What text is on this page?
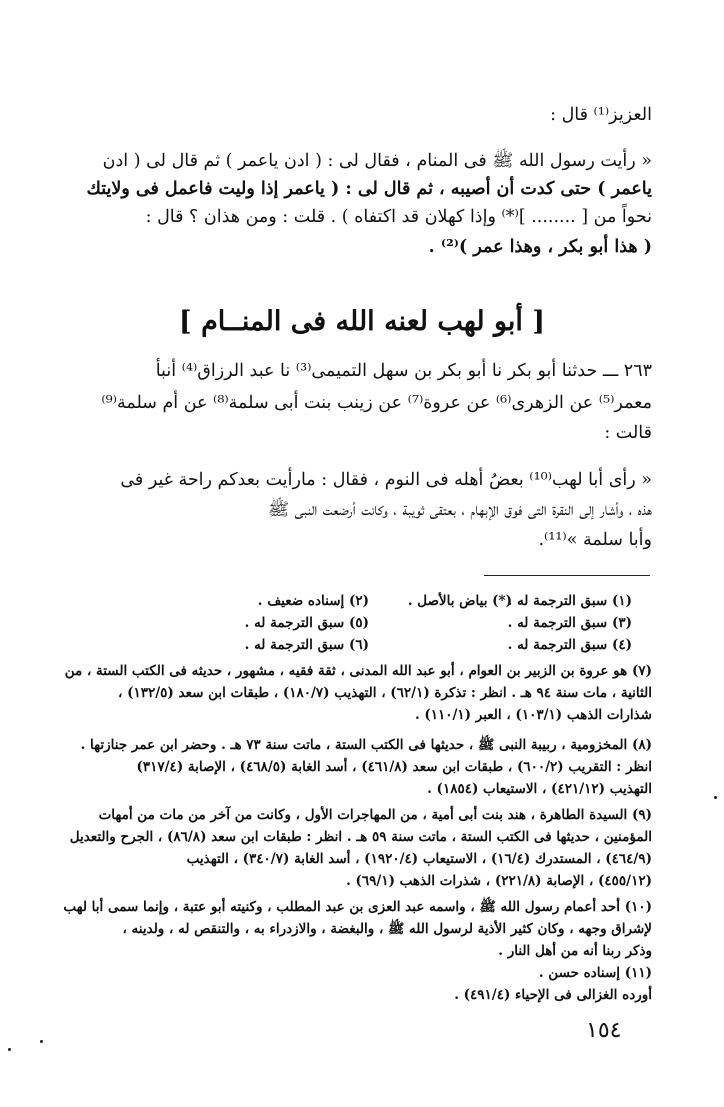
العزيز⁽¹⁾ قال :
« رأيت رسول الله ﷺ فى المنام ، فقال لى : ( ادن ياعمر ) ثم قال لى ( ادن
ياعمر ) حتى كدت أن أصيبه ، ثم قال لى : ( ياعمر إذا وليت فاعمل فى ولايتك
نحواً من [ ........ ]⁽*⁾ وإذا كهلان قد اكتفاه ) . قلت : ومن هذان ؟ قال :
( هذا أبو بكر ، وهذا عمر )⁽²⁾ .
[ أبو لهب لعنه الله فى المنــام ]
٢٦٣ ـــ حدثنا أبو بكر نا أبو بكر بن سهل التميمى⁽³⁾ نا عبد الرزاق⁽⁴⁾ أنبأ
معمر⁽⁵⁾ عن الزهرى⁽⁶⁾ عن عروة⁽⁷⁾ عن زينب بنت أبى سلمة⁽⁸⁾ عن أم سلمة⁽⁹⁾
قالت :
« رأى أبا لهب⁽¹⁰⁾ بعضُ أهله فى النوم ، فقال : مارأيت بعدكم راحة غير فى
هذه ، وأشار إلى النقرة التى فوق الإبهام ، بعتقى ثويبة ، وكانت أرضعت النبى ﷺ
وأبا سلمة »⁽¹¹⁾.
(١) سبق الترجمة له .
(*) بياض بالأصل .
(٢) إسناده ضعيف .
(٣) سبق الترجمة له .
(٥) سبق الترجمة له .
(٤) سبق الترجمة له .
(٦) سبق الترجمة له .
(٧) هو عروة بن الزبير بن العوام ، أبو عبد الله المدنى ، ثقة فقيه ، مشهور ، حديثه فى الكتب الستة ، من
الثانية ، مات سنة ٩٤ هـ . انظر : تذكرة (٦٢/١) ، التهذيب (١٨٠/٧) ، طبقات ابن سعد (١٣٢/٥) ،
شذارات الذهب (١٠٣/١) ، العبر (١١٠/١) .
(٨) المخزومية ، ربيبة النبى ﷺ ، حديثها فى الكتب الستة ، ماتت سنة ٧٣ هـ . وحضر ابن عمر جنازتها .
انظر : التقريب (٦٠٠/٢) ، طبقات ابن سعد (٤٦١/٨) ، أسد الغابة (٤٦٨/٥) ، الإصابة (٣١٧/٤)
التهذيب (٤٢١/١٢) ، الاستيعاب (١٨٥٤) .
(٩) السيدة الطاهرة ، هند بنت أبى أمية ، من المهاجرات الأول ، وكانت من آخر من مات من أمهات
المؤمنين ، حديثها فى الكتب الستة ، ماتت سنة ٥٩ هـ . انظر : طبقات ابن سعد (٨٦/٨) ، الجرح والتعديل
(٤٦٤/٩) ، المستدرك (١٦/٤) ، الاستيعاب (١٩٢٠/٤) ، أسد الغابة (٣٤٠/٧) ، التهذيب
(٤٥٥/١٢) ، الإصابة (٢٢١/٨) ، شذرات الذهب (٦٩/١) .
(١٠) أحد أعمام رسول الله ﷺ ، واسمه عبد العزى بن عبد المطلب ، وكنيته أبو عتبة ، وإنما سمى أبا لهب
لإشراق وجهه ، وكان كثير الأذية لرسول الله ﷺ ، والبغضة ، والازدراء به ، والتنقص له ، ولدينه ،
وذكر ربنا أنه من أهل النار .
(١١) إسناده حسن .
أورده الغزالى فى الإحياء (٤٩١/٤) .
١٥٤
